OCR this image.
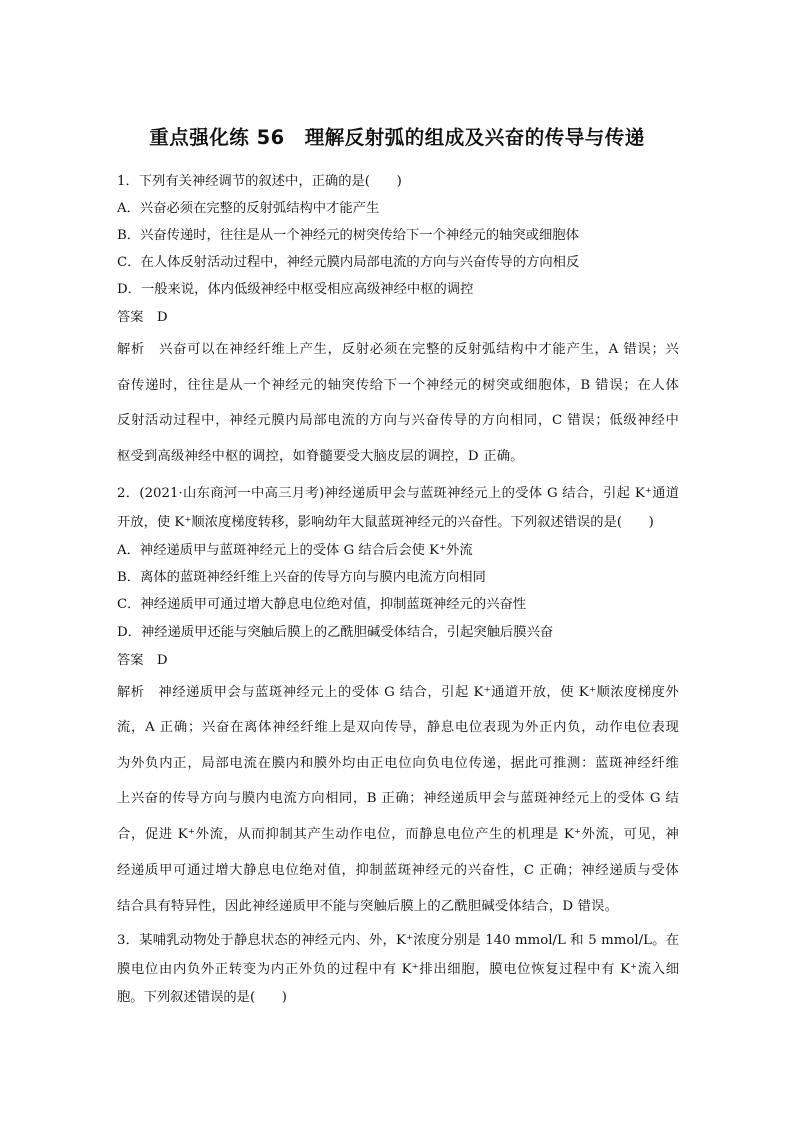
重点强化练 56　理解反射弧的组成及兴奋的传导与传递
1．下列有关神经调节的叙述中，正确的是(　　)
A．兴奋必须在完整的反射弧结构中才能产生
B．兴奋传递时，往往是从一个神经元的树突传给下一个神经元的轴突或细胞体
C．在人体反射活动过程中，神经元膜内局部电流的方向与兴奋传导的方向相反
D．一般来说，体内低级神经中枢受相应高级神经中枢的调控
答案　D
解析　兴奋可以在神经纤维上产生，反射必须在完整的反射弧结构中才能产生，A 错误；兴
奋传递时，往往是从一个神经元的轴突传给下一个神经元的树突或细胞体，B 错误；在人体
反射活动过程中，神经元膜内局部电流的方向与兴奋传导的方向相同，C 错误；低级神经中
枢受到高级神经中枢的调控，如脊髓要受大脑皮层的调控，D 正确。
2．(2021·山东商河一中高三月考)神经递质甲会与蓝斑神经元上的受体 G 结合，引起 K⁺通道
开放，使 K⁺顺浓度梯度转移，影响幼年大鼠蓝斑神经元的兴奋性。下列叙述错误的是(　　)
A．神经递质甲与蓝斑神经元上的受体 G 结合后会使 K⁺外流
B．离体的蓝斑神经纤维上兴奋的传导方向与膜内电流方向相同
C．神经递质甲可通过增大静息电位绝对值，抑制蓝斑神经元的兴奋性
D．神经递质甲还能与突触后膜上的乙酰胆碱受体结合，引起突触后膜兴奋
答案　D
解析　神经递质甲会与蓝斑神经元上的受体 G 结合，引起 K⁺通道开放，使 K⁺顺浓度梯度外
流，A 正确；兴奋在离体神经纤维上是双向传导，静息电位表现为外正内负，动作电位表现
为外负内正，局部电流在膜内和膜外均由正电位向负电位传递，据此可推测：蓝斑神经纤维
上兴奋的传导方向与膜内电流方向相同，B 正确；神经递质甲会与蓝斑神经元上的受体 G 结
合，促进 K⁺外流，从而抑制其产生动作电位，而静息电位产生的机理是 K⁺外流，可见，神
经递质甲可通过增大静息电位绝对值，抑制蓝斑神经元的兴奋性，C 正确；神经递质与受体
结合具有特异性，因此神经递质甲不能与突触后膜上的乙酰胆碱受体结合，D 错误。
3．某哺乳动物处于静息状态的神经元内、外，K⁺浓度分别是 140 mmol/L 和 5 mmol/L。在
膜电位由内负外正转变为内正外负的过程中有 K⁺排出细胞，膜电位恢复过程中有 K⁺流入细
胞。下列叙述错误的是(　　)
